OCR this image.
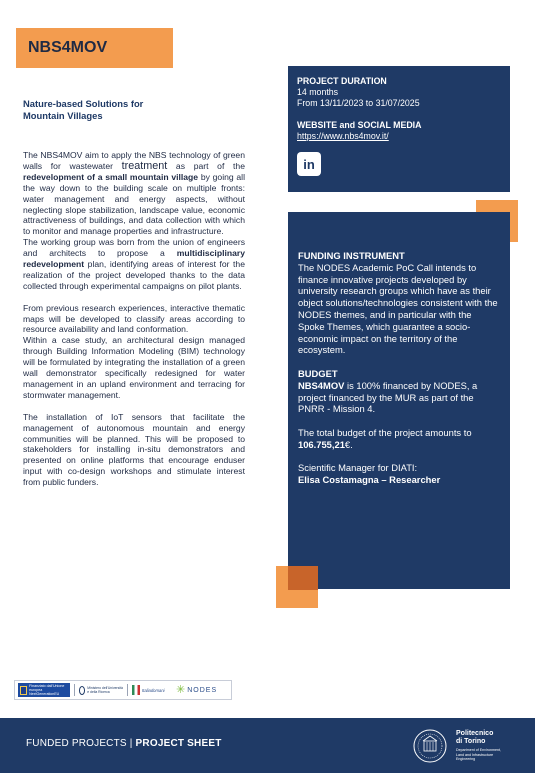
NBS4MOV
Nature-based Solutions for
Mountain Villages

The NBS4MOV aim to apply the NBS technology of green walls for wastewater treatment as part of the redevelopment of a small mountain village by going all the way down to the building scale on multiple fronts: water management and energy aspects, without neglecting slope stabilization, landscape value, economic attractiveness of buildings, and data collection with which to monitor and manage properties and infrastructure.

The working group was born from the union of engineers and architects to propose a multidisciplinary redevelopment plan, identifying areas of interest for the realization of the project developed thanks to the data collected through experimental campaigns on pilot plants.

From previous research experiences, interactive thematic maps will be developed to classify areas according to resource availability and land conformation.

Within a case study, an architectural design managed through Building Information Modeling (BIM) technology will be formulated by integrating the installation of a green wall demonstrator specifically redesigned for water management in an upland environment and terracing for stormwater management.

The installation of IoT sensors that facilitate the management of autonomous mountain and energy communities will be planned. This will be proposed to stakeholders for installing in-situ demonstrators and presented on online platforms that encourage enduser input with co-design workshops and stimulate interest from public funders.

PROJECT DURATION
14 months
From 13/11/2023 to 31/07/2025
WEBSITE and SOCIAL MEDIA
https://www.nbs4mov.it/
in
FUNDING INSTRUMENT
The NODES Academic PoC Call intends to finance innovative projects developed by university research groups which have as their object solutions/technologies consistent with the NODES themes, and in particular with the Spoke Themes, which guarantee a socio-economic impact on the territory of the ecosystem.
BUDGET
NBS4MOV is 100% financed by NODES, a project financed by the MUR as part of the PNRR - Mission 4.
The total budget of the project amounts to
106.755,21€.
Scientific Manager for DIATI:
Elisa Costamagna – Researcher
Finanziato dall'Unione europea NextGenerationEU
Ministero dell'Università e della Ricerca	Italiadomani ✳ NODES
FUNDED PROJECTS | PROJECT SHEET
Politecnico
di Torino
Department of Environment,
Land and Infrastructure
Engineering
